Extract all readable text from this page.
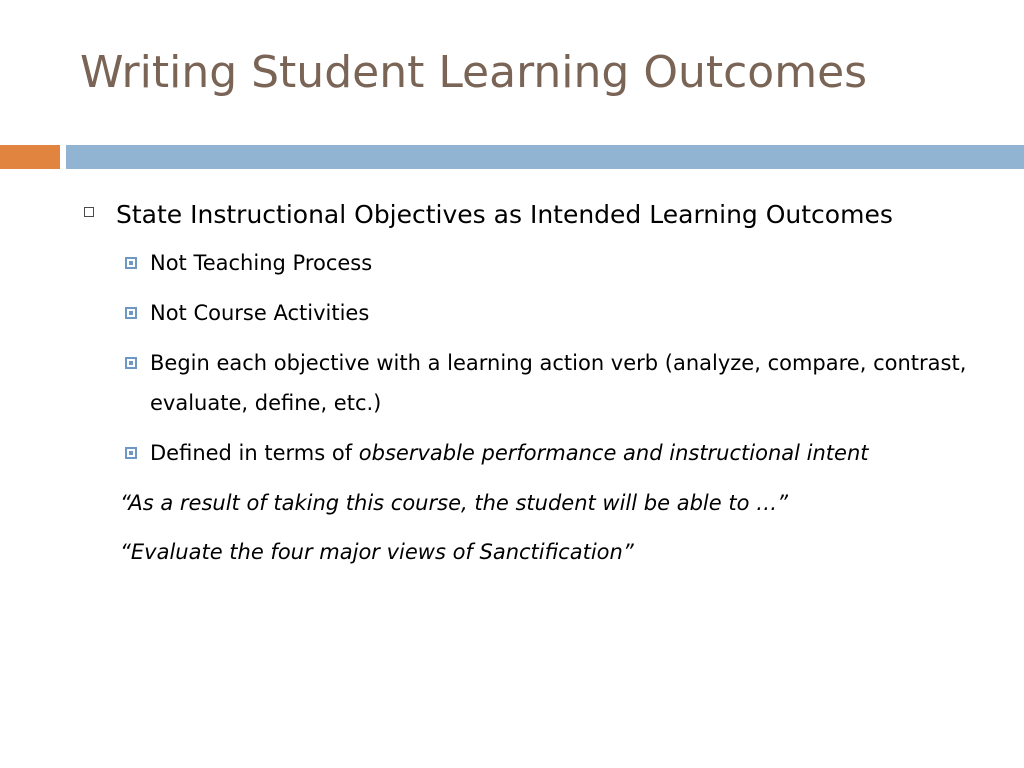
Writing Student Learning Outcomes
State Instructional Objectives as Intended Learning Outcomes
Not Teaching Process
Not Course Activities
Begin each objective with a learning action verb (analyze, compare, contrast, evaluate, define, etc.)
Defined in terms of observable performance and instructional intent
“As a result of taking this course, the student will be able to …”
“Evaluate the four major views of Sanctification”
